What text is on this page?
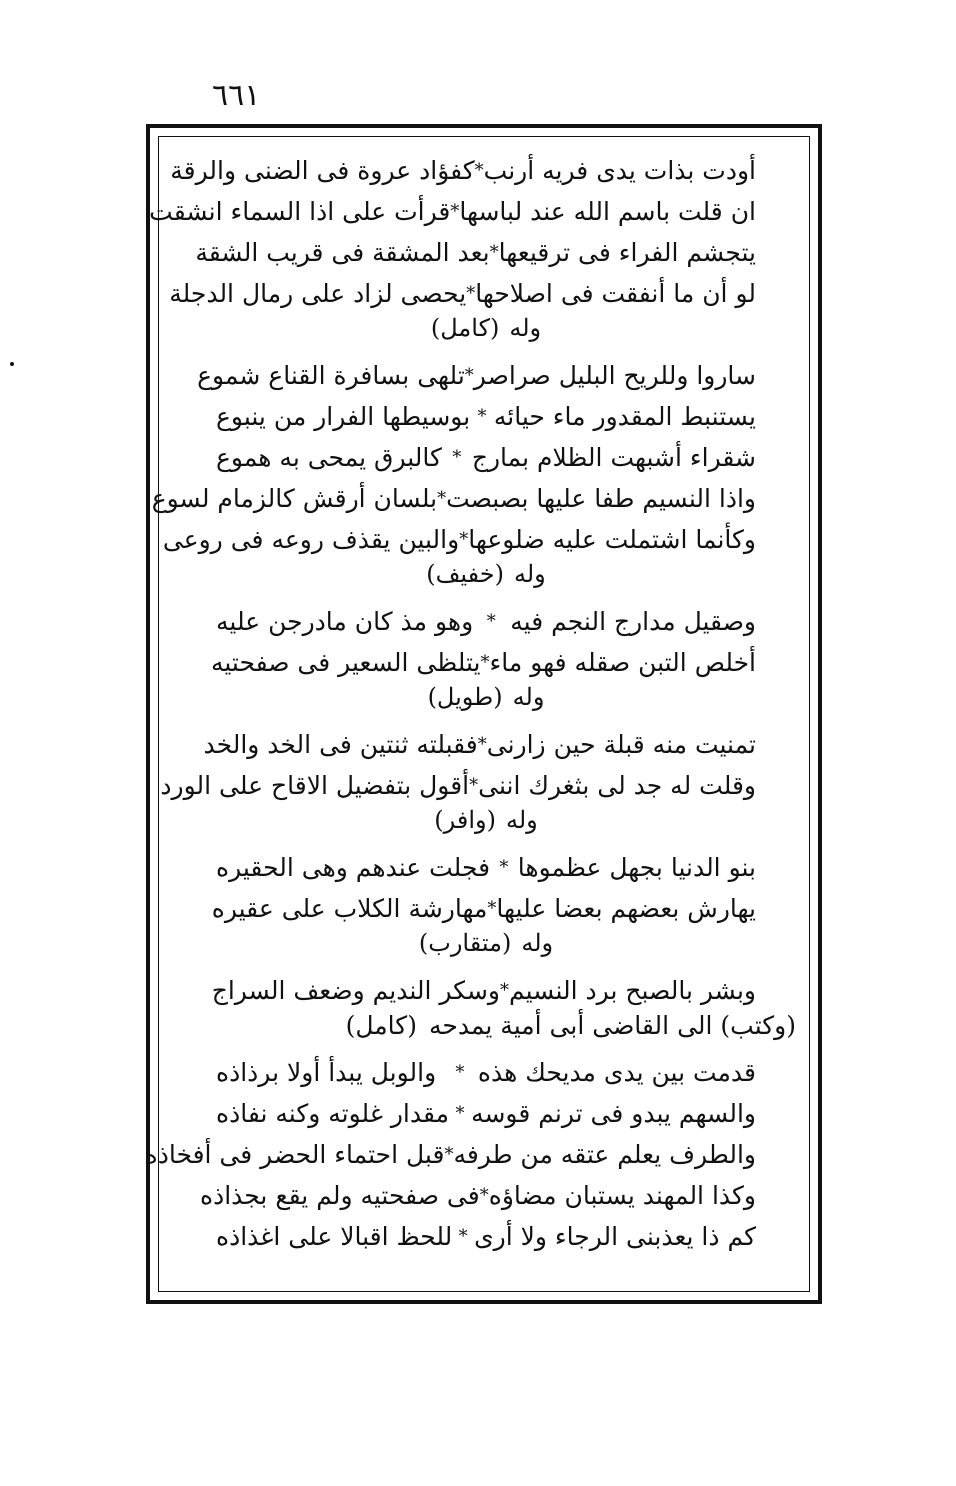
٦٦١
أودت بذات يدى فريه أرنب
*
كفؤاد عروة فى الضنى والرقة
ان قلت باسم الله عند لباسها
*
قرأت على اذا السماء انشقت
يتجشم الفراء فى ترقيعها
*
بعد المشقة فى قريب الشقة
لو أن ما أنفقت فى اصلاحها
*
يحصى لزاد على رمال الدجلة
وله(كامل)
ساروا وللريح البليل صراصر
*
تلهى بسافرة القناع شموع
يستنبط المقدور ماء حيائه
*
بوسيطها الفرار من ينبوع
شقراء أشبهت الظلام بمارج
*
كالبرق يمحى به هموع
واذا النسيم طفا عليها بصبصت
*
بلسان أرقش كالزمام لسوع
وكأنما اشتملت عليه ضلوعها
*
والبين يقذف روعه فى روعى
وله(خفيف)
وصقيل مدارج النجم فيه
*
وهو مذ كان مادرجن عليه
أخلص التبن صقله فهو ماء
*
يتلظى السعير فى صفحتيه
وله(طويل)
تمنيت منه قبلة حين زارنى
*
فقبلته ثنتين فى الخد والخد
وقلت له جد لى بثغرك اننى
*
أقول بتفضيل الاقاح على الورد
وله(وافر)
بنو الدنيا بجهل عظموها
*
فجلت عندهم وهى الحقيره
يهارش بعضهم بعضا عليها
*
مهارشة الكلاب على عقيره
وله(متقارب)
وبشر بالصبح برد النسيم
*
وسكر النديم وضعف السراج
(وكتب) الى القاضى أبى أمية يمدحه(كامل)
قدمت بين يدى مديحك هذه
*
والوبل يبدأ أولا برذاذه
والسهم يبدو فى ترنم قوسه
*
مقدار غلوته وكنه نفاذه
والطرف يعلم عتقه من طرفه
*
قبل احتماء الحضر فى أفخاذه
وكذا المهند يستبان مضاؤه
*
فى صفحتيه ولم يقع بجذاذه
كم ذا يعذبنى الرجاء ولا أرى
*
للحظ اقبالا على اغذاذه
